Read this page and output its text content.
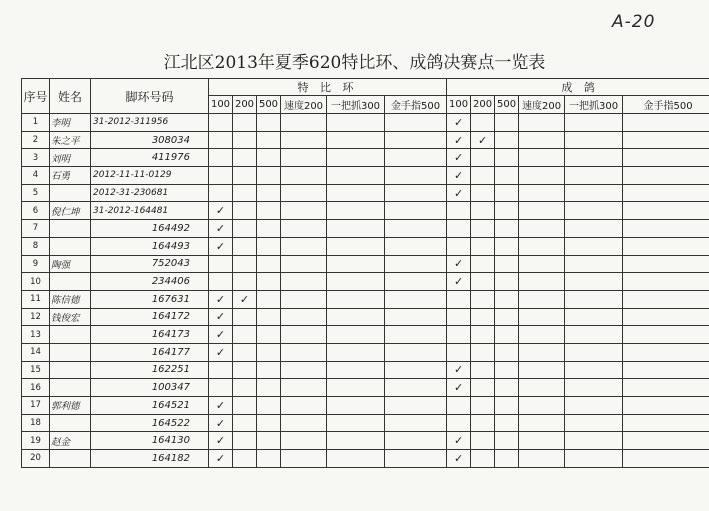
A-20
江北区2013年夏季620特比环、成鸽决赛点一览表
序号	姓名	脚环号码	特 比 环						成 鸽					
			100	200	500	速度200	一把抓300	金手指500	100	200	500	速度200	一把抓300	金手指500
1	李明	31-2012-311956							✓					
2	朱之平	308034							✓	✓				
3	刘明	411976							✓					
4	石勇	2012-11-11-0129							✓					
5		2012-31-230681							✓					
6	倪仁坤	31-2012-164481	✓											
7		164492	✓											
8		164493	✓											
9	陶强	752043							✓					
10		234406							✓					
11	陈信德	167631	✓	✓										
12	钱俊宏	164172	✓											
13		164173	✓											
14		164177	✓											
15		162251							✓					
16		100347							✓					
17	郭利德	164521	✓											
18		164522	✓											
19	赵金	164130	✓						✓					
20		164182	✓						✓					
